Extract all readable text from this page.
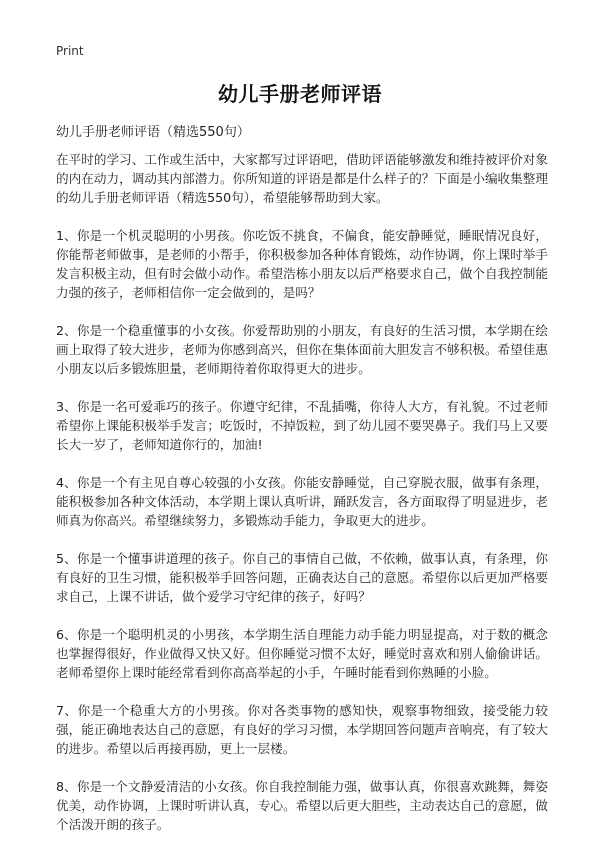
Print
幼儿手册老师评语
幼儿手册老师评语（精选550句）

在平时的学习、工作或生活中，大家都写过评语吧，借助评语能够激发和维持被评价对象的内在动力，调动其内部潜力。你所知道的评语是都是什么样子的？下面是小编收集整理的幼儿手册老师评语（精选550句），希望能够帮助到大家。

1、你是一个机灵聪明的小男孩。你吃饭不挑食，不偏食，能安静睡觉，睡眠情况良好，你能帮老师做事，是老师的小帮手，你积极参加各种体育锻炼，动作协调，你上课时举手发言积极主动，但有时会做小动作。希望浩栋小朋友以后严格要求自己，做个自我控制能力强的孩子，老师相信你一定会做到的，是吗？

2、你是一个稳重懂事的小女孩。你爱帮助别的小朋友，有良好的生活习惯，本学期在绘画上取得了较大进步，老师为你感到高兴，但你在集体面前大胆发言不够积极。希望佳惠小朋友以后多锻炼胆量，老师期待着你取得更大的进步。

3、你是一名可爱乖巧的孩子。你遵守纪律，不乱插嘴，你待人大方，有礼貌。不过老师希望你上课能积极举手发言；吃饭时，不掉饭粒，到了幼儿园不要哭鼻子。我们马上又要长大一岁了，老师知道你行的，加油!

4、你是一个有主见自尊心较强的小女孩。你能安静睡觉，自己穿脱衣服，做事有条理，能积极参加各种文体活动，本学期上课认真听讲，踊跃发言，各方面取得了明显进步，老师真为你高兴。希望继续努力，多锻炼动手能力，争取更大的进步。

5、你是一个懂事讲道理的孩子。你自己的事情自己做，不依赖，做事认真，有条理，你有良好的卫生习惯，能积极举手回答问题，正确表达自己的意愿。希望你以后更加严格要求自己，上课不讲话，做个爱学习守纪律的孩子，好吗？

6、你是一个聪明机灵的小男孩，本学期生活自理能力动手能力明显提高，对于数的概念也掌握得很好，作业做得又快又好。但你睡觉习惯不太好，睡觉时喜欢和别人偷偷讲话。老师希望你上课时能经常看到你高高举起的小手，午睡时能看到你熟睡的小脸。

7、你是一个稳重大方的小男孩。你对各类事物的感知快，观察事物细致，接受能力较强，能正确地表达自己的意愿，有良好的学习习惯，本学期回答问题声音响亮，有了较大的进步。希望以后再接再励，更上一层楼。

8、你是一个文静爱清洁的小女孩。你自我控制能力强，做事认真，你很喜欢跳舞，舞姿优美，动作协调，上课时听讲认真，专心。希望以后更大胆些，主动表达自己的意愿，做个活泼开朗的孩子。
